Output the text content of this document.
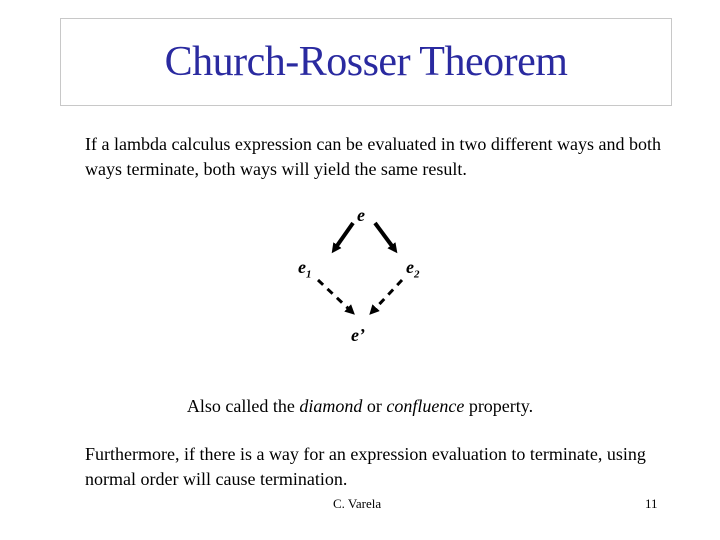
Church-Rosser Theorem

If a lambda calculus expression can be evaluated in two different ways and both ways terminate, both ways will yield the same result.

e
$e_1$	$e_2$
e’

Also called the diamond or confluence property.

Furthermore, if there is a way for an expression evaluation to terminate, using normal order will cause termination.

C. Varela	11
